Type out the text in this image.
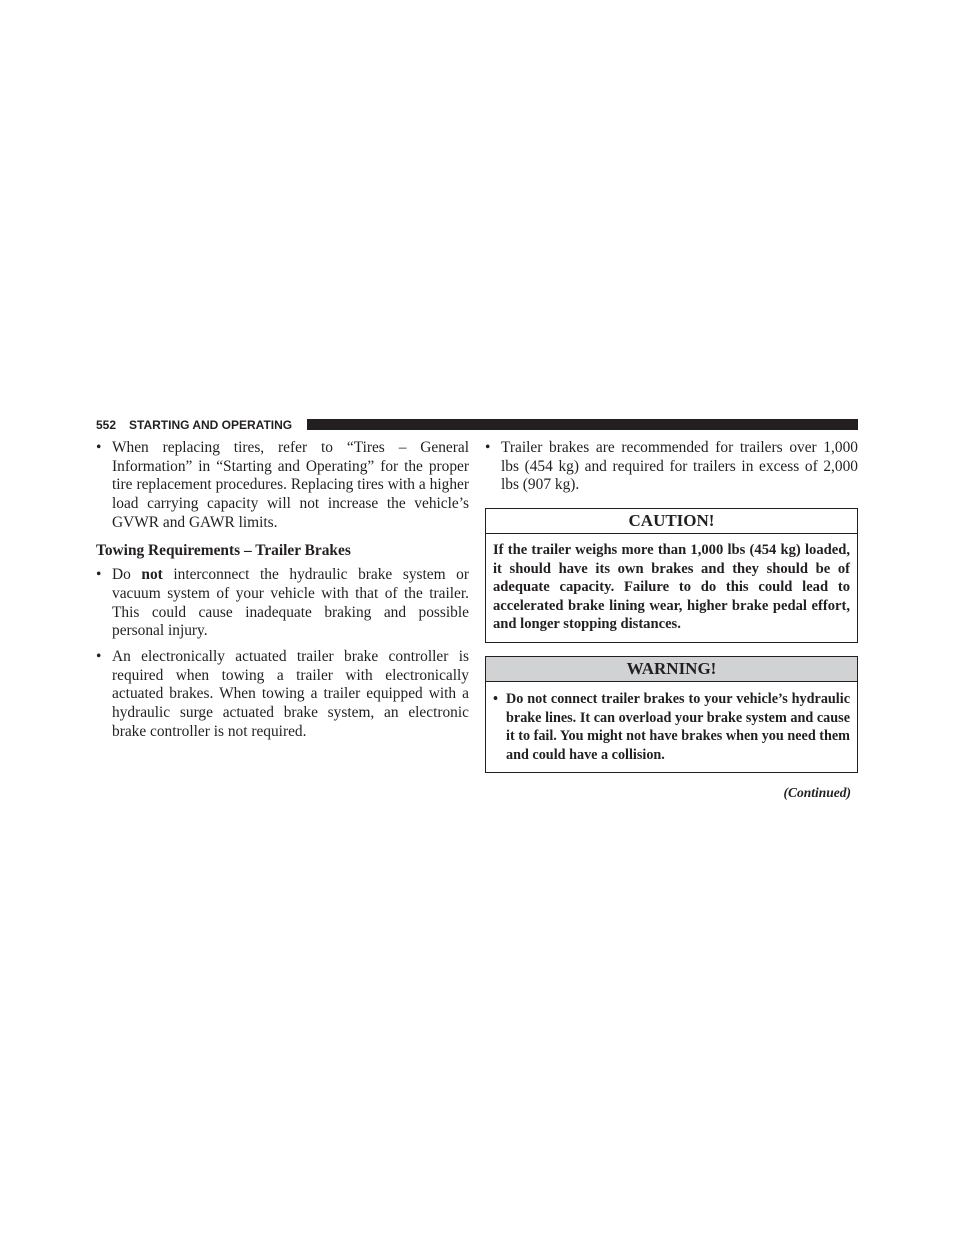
552 STARTING AND OPERATING
• When replacing tires, refer to “Tires – General Information” in “Starting and Operating” for the proper tire replacement procedures. Replacing tires with a higher load carrying capacity will not increase the vehicle’s GVWR and GAWR limits.
Towing Requirements – Trailer Brakes
• Do not interconnect the hydraulic brake system or vacuum system of your vehicle with that of the trailer. This could cause inadequate braking and possible personal injury.
• An electronically actuated trailer brake controller is required when towing a trailer with electronically actuated brakes. When towing a trailer equipped with a hydraulic surge actuated brake system, an electronic brake controller is not required.
• Trailer brakes are recommended for trailers over 1,000 lbs (454 kg) and required for trailers in excess of 2,000 lbs (907 kg).
CAUTION!
If the trailer weighs more than 1,000 lbs (454 kg) loaded, it should have its own brakes and they should be of adequate capacity. Failure to do this could lead to accelerated brake lining wear, higher brake pedal effort, and longer stopping distances.
WARNING!
• Do not connect trailer brakes to your vehicle’s hydraulic brake lines. It can overload your brake system and cause it to fail. You might not have brakes when you need them and could have a collision.
(Continued)
